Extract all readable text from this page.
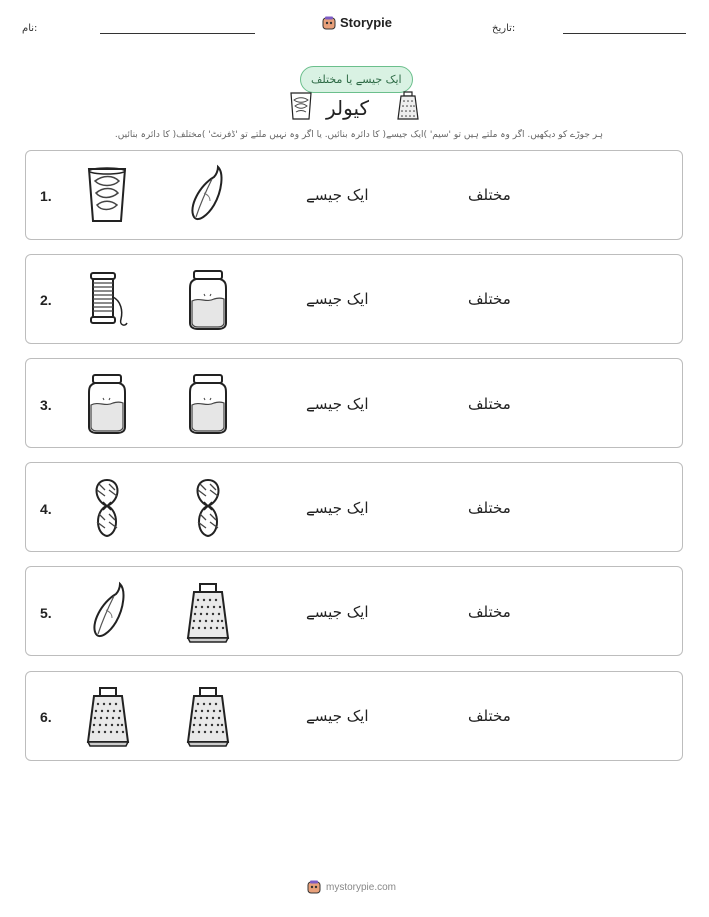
نام:	Storypie	تاریخ:
ایک جیسے یا مختلف
کیولر
ہر جوڑے کو دیکھیں. اگر وہ ملتے ہیں تو 'سیم' )ایک جیسے( کا دائرہ بنائیں. یا اگر وہ نہیں ملتے تو 'ڈفرنٹ' )مختلف( کا دائرہ بنائیں.
1.	ایک جیسے	مختلف
2.	ایک جیسے	مختلف
3.	ایک جیسے	مختلف
4.	ایک جیسے	مختلف
5.	ایک جیسے	مختلف
6.	ایک جیسے	مختلف
mystorypie.com
